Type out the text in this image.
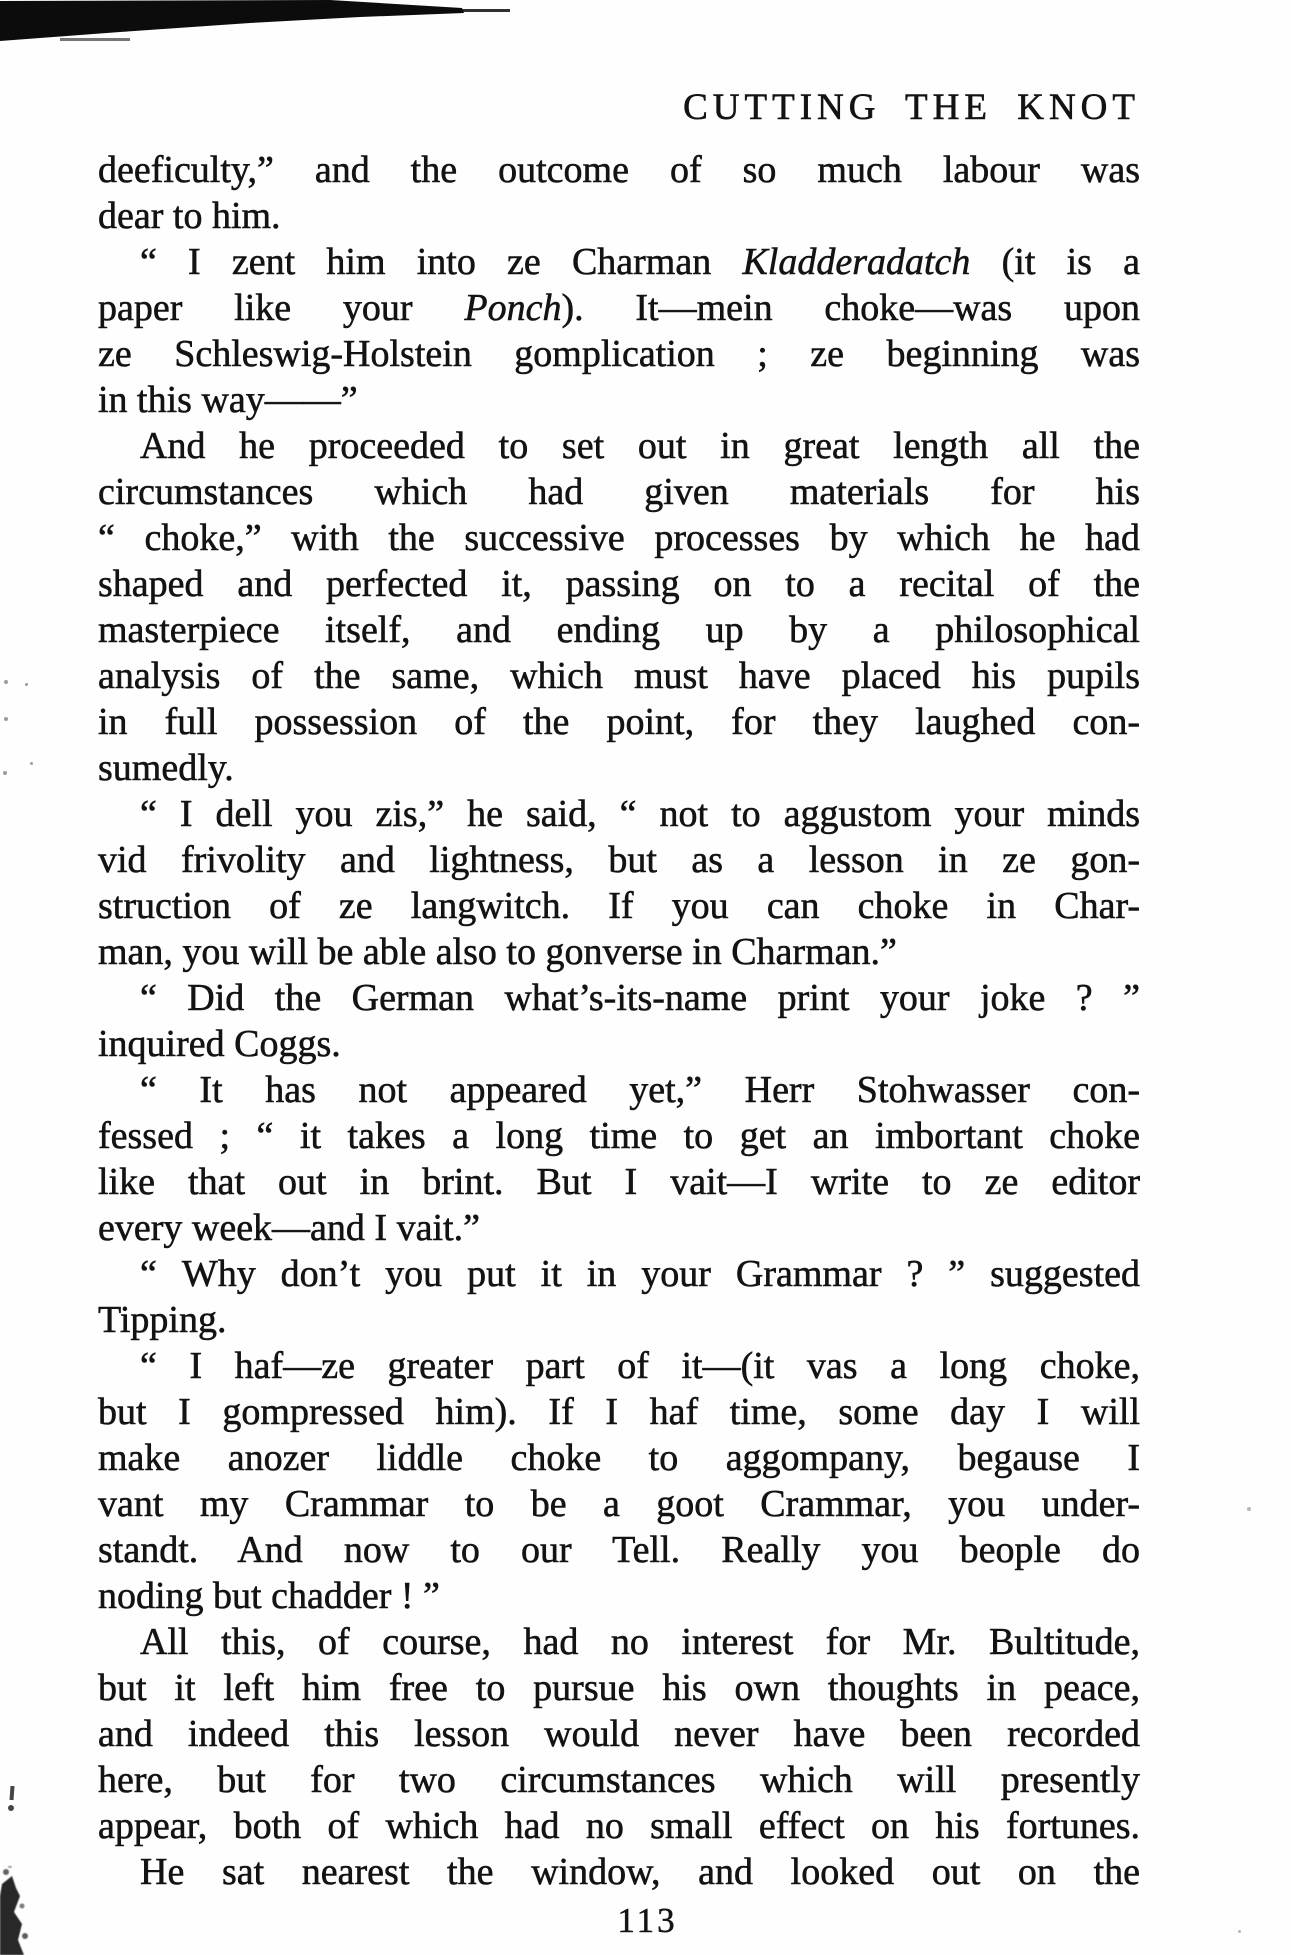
CUTTING THE KNOT
deeficulty,” and the outcome of so much labour was
dear to him.
“ I zent him into ze Charman Kladderadatch (it is a
paper like your Ponch). It—mein choke—was upon
ze Schleswig-Holstein gomplication ; ze beginning was
in this way——”
And he proceeded to set out in great length all the
circumstances which had given materials for his
“ choke,” with the successive processes by which he had
shaped and perfected it, passing on to a recital of the
masterpiece itself, and ending up by a philosophical
analysis of the same, which must have placed his pupils
in full possession of the point, for they laughed con-
sumedly.
“ I dell you zis,” he said, “ not to aggustom your minds
vid frivolity and lightness, but as a lesson in ze gon-
struction of ze langwitch. If you can choke in Char-
man, you will be able also to gonverse in Charman.”
“ Did the German what’s-its-name print your joke ? ”
inquired Coggs.
“ It has not appeared yet,” Herr Stohwasser con-
fessed ; “ it takes a long time to get an imbortant choke
like that out in brint. But I vait—I write to ze editor
every week—and I vait.”
“ Why don’t you put it in your Grammar ? ” suggested
Tipping.
“ I haf—ze greater part of it—(it vas a long choke,
but I gompressed him). If I haf time, some day I will
make anozer liddle choke to aggompany, begause I
vant my Crammar to be a goot Crammar, you under-
standt. And now to our Tell. Really you beople do
noding but chadder ! ”
All this, of course, had no interest for Mr. Bultitude,
but it left him free to pursue his own thoughts in peace,
and indeed this lesson would never have been recorded
here, but for two circumstances which will presently
appear, both of which had no small effect on his fortunes.
He sat nearest the window, and looked out on the
113
